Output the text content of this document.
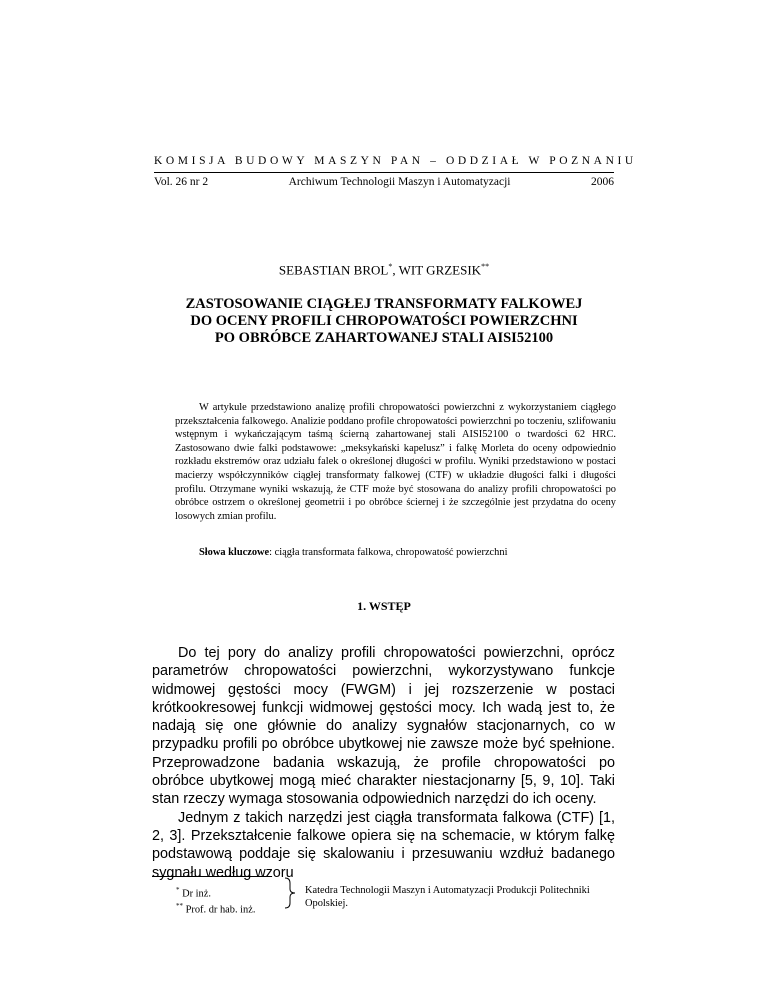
KOMISJA BUDOWY MASZYN PAN – ODDZIAŁ W POZNANIU
Vol. 26 nr 2	Archiwum Technologii Maszyn i Automatyzacji	2006
SEBASTIAN BROL*, WIT GRZESIK**
ZASTOSOWANIE CIĄGŁEJ TRANSFORMATY FALKOWEJ
DO OCENY PROFILI CHROPOWATOŚCI POWIERZCHNI
PO OBRÓBCE ZAHARTOWANEJ STALI AISI52100

W artykule przedstawiono analizę profili chropowatości powierzchni z wykorzystaniem ciągłego przekształcenia falkowego. Analizie poddano profile chropowatości powierzchni po toczeniu, szlifowaniu wstępnym i wykańczającym taśmą ścierną zahartowanej stali AISI52100 o twardości 62 HRC. Zastosowano dwie falki podstawowe: „meksykański kapelusz” i falkę Morleta do oceny odpowiednio rozkładu ekstremów oraz udziału falek o określonej długości w profilu. Wyniki przedstawiono w postaci macierzy współczynników ciągłej transformaty falkowej (CTF) w układzie długości falki i długości profilu. Otrzymane wyniki wskazują, że CTF może być stosowana do analizy profili chropowatości po obróbce ostrzem o określonej geometrii i po obróbce ściernej i że szczególnie jest przydatna do oceny losowych zmian profilu.

Słowa kluczowe: ciągła transformata falkowa, chropowatość powierzchni
1. WSTĘP

Do tej pory do analizy profili chropowatości powierzchni, oprócz parametrów chropowatości powierzchni, wykorzystywano funkcje widmowej gęstości mocy (FWGM) i jej rozszerzenie w postaci krótkookresowej funkcji widmowej gęstości mocy. Ich wadą jest to, że nadają się one głównie do analizy sygnałów stacjonarnych, co w przypadku profili po obróbce ubytkowej nie zawsze może być spełnione. Przeprowadzone badania wskazują, że profile chropowatości po obróbce ubytkowej mogą mieć charakter niestacjonarny [5, 9, 10]. Taki stan rzeczy wymaga stosowania odpowiednich narzędzi do ich oceny.

Jednym z takich narzędzi jest ciągła transformata falkowa (CTF) [1, 2, 3]. Przekształcenie falkowe opiera się na schemacie, w którym falkę podstawową poddaje się skalowaniu i przesuwaniu wzdłuż badanego sygnału według wzoru

* Dr inż.
** Prof. dr hab. inż.
Katedra Technologii Maszyn i Automatyzacji Produkcji Politechniki Opolskiej.
